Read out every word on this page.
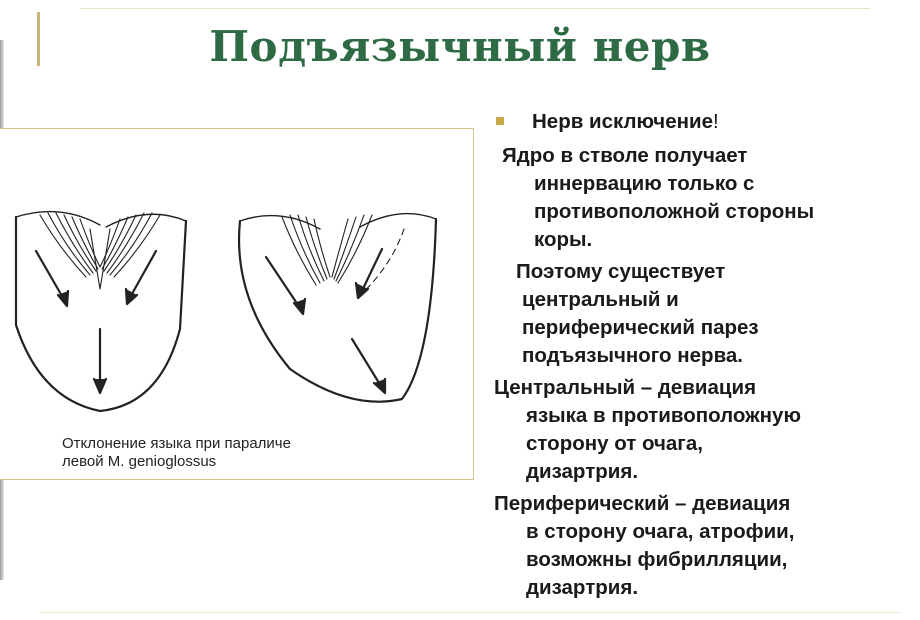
Подъязычный нерв
Отклонение языка при параличе
левой M. genioglossus
Нерв исключение!
Ядро в стволе получает
иннервацию только с
противоположной стороны
коры.
Поэтому существует
центральный и
периферический парез
подъязычного нерва.
Центральный – девиация
языка в противоположную
сторону от очага,
дизартрия.
Периферический – девиация
в сторону очага, атрофии,
возможны фибрилляции,
дизартрия.
